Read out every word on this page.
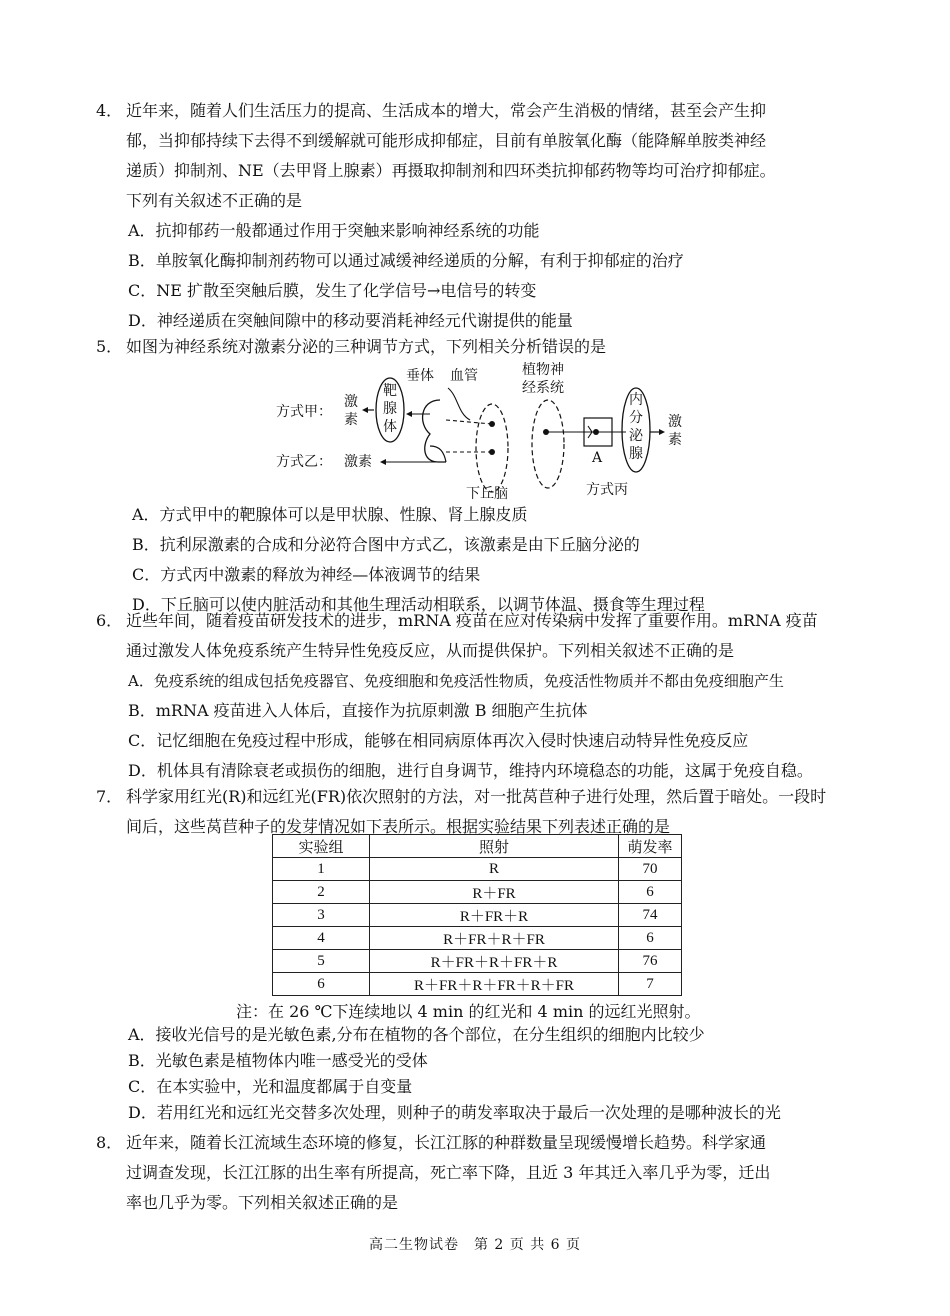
4． 近年来，随着人们生活压力的提高、生活成本的增大，常会产生消极的情绪，甚至会产生抑
郁，当抑郁持续下去得不到缓解就可能形成抑郁症，目前有单胺氧化酶（能降解单胺类神经
递质）抑制剂、NE（去甲肾上腺素）再摄取抑制剂和四环类抗抑郁药物等均可治疗抑郁症。
下列有关叙述不正确的是
A．抗抑郁药一般都通过作用于突触来影响神经系统的功能
B．单胺氧化酶抑制剂药物可以通过减缓神经递质的分解，有利于抑郁症的治疗
C．NE 扩散至突触后膜，发生了化学信号→电信号的转变
D．神经递质在突触间隙中的移动要消耗神经元代谢提供的能量
5． 如图为神经系统对激素分泌的三种调节方式，下列相关分析错误的是
垂体 血管	植物神
经系统
方式甲：
激
素
靶
腺
体
方式乙： 激素
下丘脑
A
内
分
泌
腺
激
素
方式丙
A．方式甲中的靶腺体可以是甲状腺、性腺、肾上腺皮质
B．抗利尿激素的合成和分泌符合图中方式乙，该激素是由下丘脑分泌的
C．方式丙中激素的释放为神经—体液调节的结果
D．下丘脑可以使内脏活动和其他生理活动相联系，以调节体温、摄食等生理过程
6． 近些年间，随着疫苗研发技术的进步，mRNA 疫苗在应对传染病中发挥了重要作用。mRNA 疫苗
通过激发人体免疫系统产生特异性免疫反应，从而提供保护。下列相关叙述不正确的是
A．免疫系统的组成包括免疫器官、免疫细胞和免疫活性物质，免疫活性物质并不都由免疫细胞产生
B．mRNA 疫苗进入人体后，直接作为抗原刺激 B 细胞产生抗体
C．记忆细胞在免疫过程中形成，能够在相同病原体再次入侵时快速启动特异性免疫反应
D．机体具有清除衰老或损伤的细胞，进行自身调节，维持内环境稳态的功能，这属于免疫自稳。
7． 科学家用红光(R)和远红光(FR)依次照射的方法，对一批莴苣种子进行处理，然后置于暗处。一段时
间后，这些莴苣种子的发芽情况如下表所示。根据实验结果下列表述正确的是
实验组	照射	萌发率
1	R	70
2	R＋FR	6
3	R＋FR＋R	74
4	R＋FR＋R＋FR	6
5	R＋FR＋R＋FR＋R	76
6	R＋FR＋R＋FR＋R＋FR	7
注：在 26 ℃下连续地以 4 min 的红光和 4 min 的远红光照射。
A．接收光信号的是光敏色素,分布在植物的各个部位，在分生组织的细胞内比较少
B．光敏色素是植物体内唯一感受光的受体
C．在本实验中，光和温度都属于自变量
D．若用红光和远红光交替多次处理，则种子的萌发率取决于最后一次处理的是哪种波长的光
8． 近年来，随着长江流域生态环境的修复，长江江豚的种群数量呈现缓慢增长趋势。科学家通
过调查发现，长江江豚的出生率有所提高，死亡率下降，且近 3 年其迁入率几乎为零，迁出
率也几乎为零。下列相关叙述正确的是
高二生物试卷　第 2 页 共 6 页
